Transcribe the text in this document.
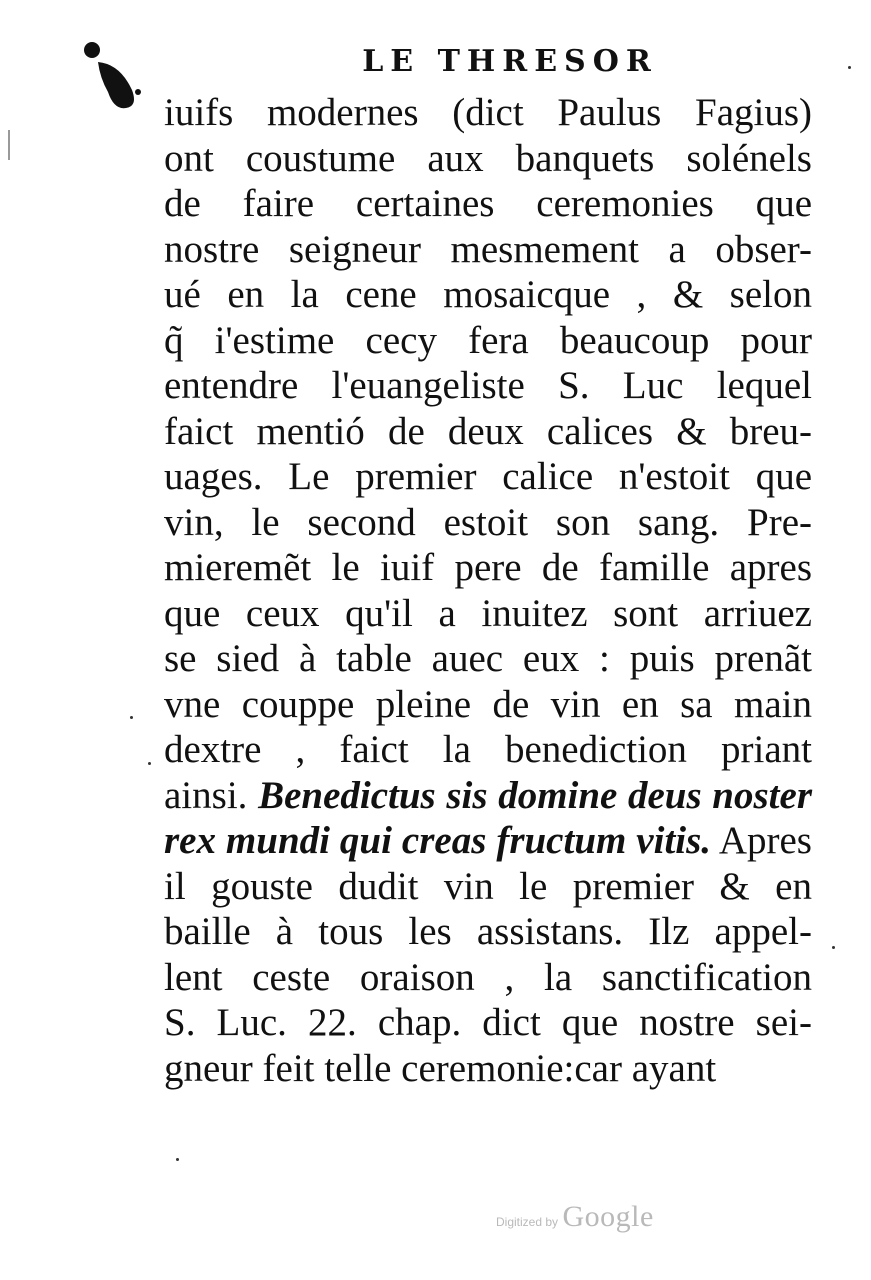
LE THRESOR
iuifs modernes (dict Paulus Fagius)
ont coustume aux banquets solénels
de faire certaines ceremonies que
nostre seigneur mesmement a obser-
ué en la cene mosaicque , & selon
q̃ i'estime cecy fera beaucoup pour
entendre l'euangeliste S. Luc lequel
faict mentió de deux calices & breu-
uages. Le premier calice n'estoit que
vin, le second estoit son sang. Pre-
mieremẽt le iuif pere de famille apres
que ceux qu'il a inuitez sont arriuez
se sied à table auec eux : puis prenãt
vne couppe pleine de vin en sa main
dextre , faict la benediction priant
ainsi. Benedictus sis domine deus noster
rex mundi qui creas fructum vitis. Apres
il gouste dudit vin le premier & en
baille à tous les assistans. Ilz appel-
lent ceste oraison , la sanctification
S. Luc. 22. chap. dict que nostre sei-
gneur feit telle ceremonie:car ayant
Digitized by Google
